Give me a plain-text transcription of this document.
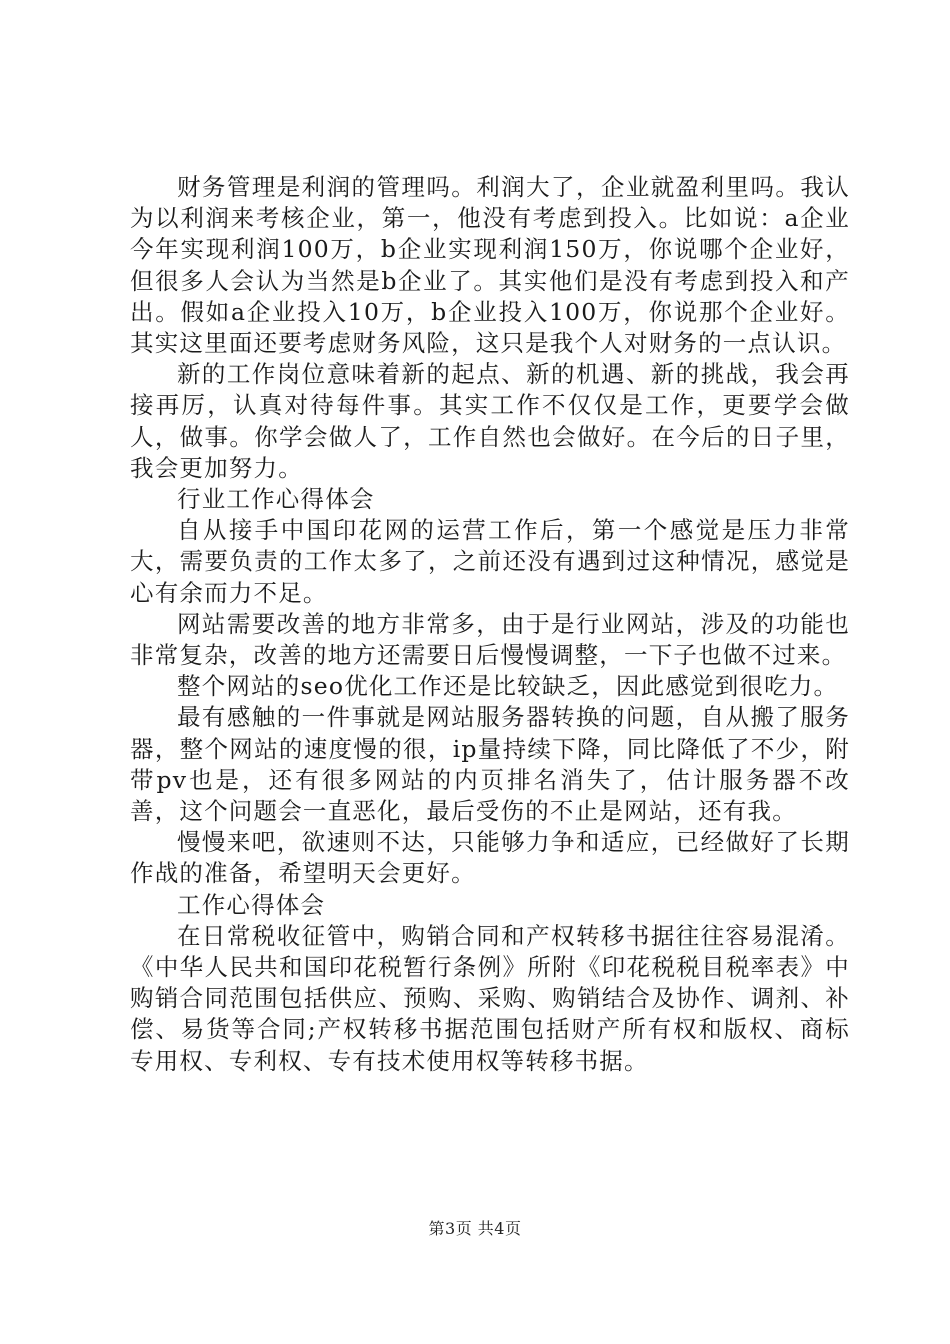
财务管理是利润的管理吗。利润大了，企业就盈利里吗。我认为以利润来考核企业，第一，他没有考虑到投入。比如说：a企业今年实现利润100万，b企业实现利润150万，你说哪个企业好，但很多人会认为当然是b企业了。其实他们是没有考虑到投入和产出。假如a企业投入10万，b企业投入100万，你说那个企业好。其实这里面还要考虑财务风险，这只是我个人对财务的一点认识。

新的工作岗位意味着新的起点、新的机遇、新的挑战，我会再接再厉，认真对待每件事。其实工作不仅仅是工作，更要学会做人，做事。你学会做人了，工作自然也会做好。在今后的日子里，我会更加努力。

行业工作心得体会

自从接手中国印花网的运营工作后，第一个感觉是压力非常大，需要负责的工作太多了，之前还没有遇到过这种情况，感觉是心有余而力不足。

网站需要改善的地方非常多，由于是行业网站，涉及的功能也非常复杂，改善的地方还需要日后慢慢调整，一下子也做不过来。

整个网站的seo优化工作还是比较缺乏，因此感觉到很吃力。

最有感触的一件事就是网站服务器转换的问题，自从搬了服务器，整个网站的速度慢的很，ip量持续下降，同比降低了不少，附带pv也是，还有很多网站的内页排名消失了，估计服务器不改善，这个问题会一直恶化，最后受伤的不止是网站，还有我。

慢慢来吧，欲速则不达，只能够力争和适应，已经做好了长期作战的准备，希望明天会更好。

工作心得体会

在日常税收征管中，购销合同和产权转移书据往往容易混淆。《中华人民共和国印花税暂行条例》所附《印花税税目税率表》中购销合同范围包括供应、预购、采购、购销结合及协作、调剂、补偿、易货等合同;产权转移书据范围包括财产所有权和版权、商标专用权、专利权、专有技术使用权等转移书据。

第3页 共4页
